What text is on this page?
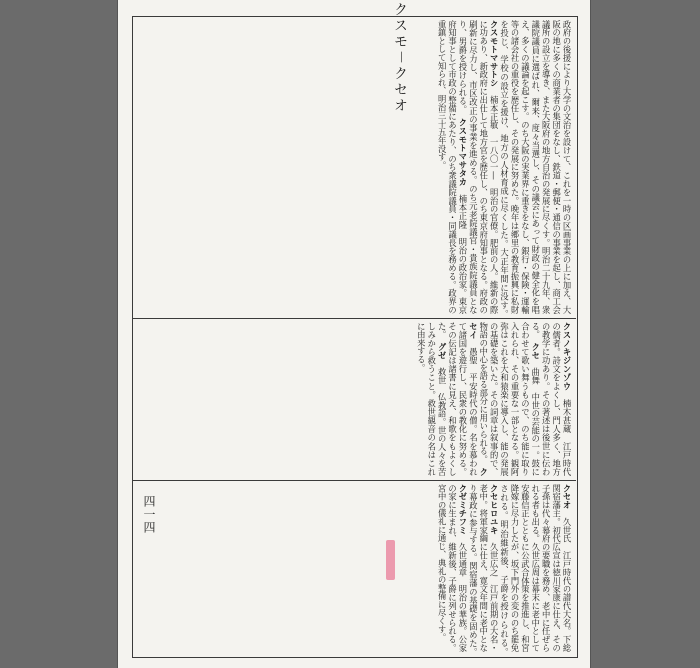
クスモ－クセオ
四一四
政府の後援により大学の文治を設けて、これを一時の区画事業の上に加え、大阪の地に多くの商業者の集団をなし、鉄道・郵便・通信の事業を起し、商工会議所の設立を導き、また大阪府の地方自治の発展に尽くす。明治二十九年、衆議院議員に選ばれ、爾来、度々当選し、その議会にあって財政の健全化を唱え、多くの議論を起こす。のち大阪の実業界に重きをなし、銀行・保険・運輸等の諸会社の重役を歴任し、その発展に努めた。晩年は郷里の教育振興に私財を投じ、学校の設立を援け、地方の人材育成に尽くした。大正年間に没す。　クスモトマサトシ　楠本正敏　一八〇一―　明治の官僚。肥前の人。維新の際に功あり、新政府に出仕して地方官を歴任し、のち東京府知事となる。府政の刷新に尽力し、市区改正の事業を進める。のち元老院議官・貴族院議員となり、男爵を授けられる。　クスモトマサタカ　楠本正隆　明治の政治家。東京府知事として市政の整備にあたり、のち衆議院議員・同議長を務める。政界の重鎮として知られ、明治三十五年没す。　
クスノキジンゾウ　楠木甚蔵　江戸時代の儒者。詩文をよくし、門人多く、地方の教学に功あり。その著述は後世に伝わる。　クセ　曲舞　中世の芸能の一。鼓に合わせて歌い舞うもので、のち能に取り入れられ、その重要な一部となる。観阿弥はこれを大和猿楽に導入し、能の発展の基礎を築いた。その詞章は叙事的で、物語の中心を語る部分に用いられる。　クセイ　愚聖　平安時代の僧。名を慕われて諸国を遊行し、民衆の教化に努める。その伝記は諸書に見え、和歌をもよくした。　グゼ　救世　仏教語。世の人々を苦しみから救うこと。救世観音の名はこれに由来する。　
クセオ　久世氏　江戸時代の譜代大名。下総関宿藩主。初代広宣は徳川家康に仕え、その子孫は代々幕府の要職を務め、老中に任ぜられる者も出る。久世広周は幕末に老中として安藤信正とともに公武合体策を推進し、和宮降嫁に尽力したが、坂下門外の変ののち罷免される。明治維新後、子爵を授けられる。　クセヒロユキ　久世広之　江戸前期の大名・老中。将軍家綱に仕え、寛文年間に老中となり幕政に参与する。関宿藩の基礎を固めた。　クゼミチフミ　久世通章　明治の華族。公家の家に生まれ、維新後、子爵に列せられる。宮中の儀礼に通じ、典礼の整備に尽くす。　
